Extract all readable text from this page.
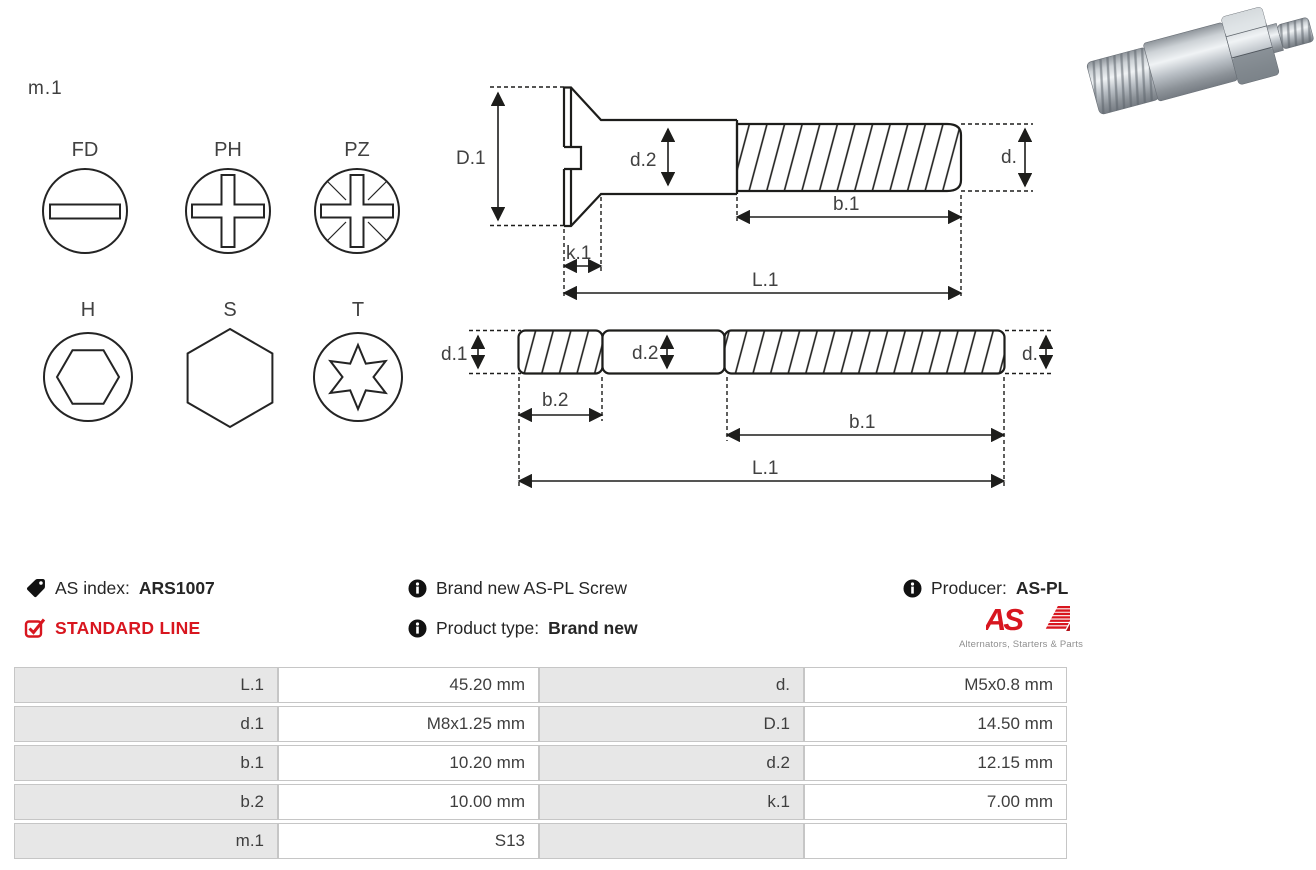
m.1
FD	PH	PZ
H	S	T
D.1	d.2
b.1
d.
k.1
L.1
d.1	d.2
b.2
b.1
d.
L.1
AS index: ARS1007
STANDARD LINE
Brand new AS-PL Screw
Product type: Brand new
Producer: AS-PL
AS
Alternators, Starters & Parts
L.1	45.20 mm	d.	M5x0.8 mm
d.1	M8x1.25 mm	D.1	14.50 mm
b.1	10.20 mm	d.2	12.15 mm
b.2	10.00 mm	k.1	7.00 mm
m.1	S13
